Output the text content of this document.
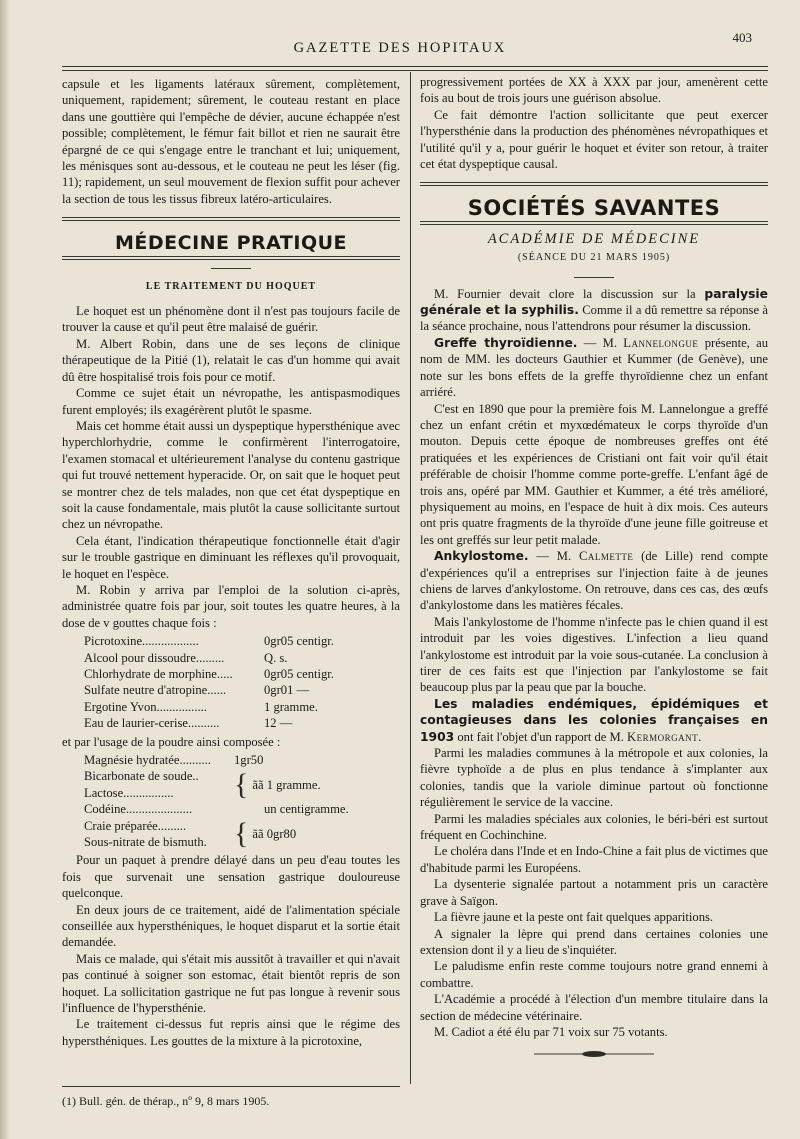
GAZETTE DES HOPITAUX
403

capsule et les ligaments latéraux sûrement, complètement, uniquement, rapidement; sûrement, le couteau restant en place dans une gouttière qui l'empêche de dévier, aucune échappée n'est possible; complètement, le fémur fait billot et rien ne saurait être épargné de ce qui s'engage entre le tranchant et lui; uniquement, les ménisques sont au-dessous, et le couteau ne peut les léser (fig. 11); rapidement, un seul mouvement de flexion suffit pour achever la section de tous les tissus fibreux latéro-articulaires.

MÉDECINE PRATIQUE
LE TRAITEMENT DU HOQUET

Le hoquet est un phénomène dont il n'est pas toujours facile de trouver la cause et qu'il peut être malaisé de guérir.

M. Albert Robin, dans une de ses leçons de clinique thérapeutique de la Pitié (1), relatait le cas d'un homme qui avait dû être hospitalisé trois fois pour ce motif.

Comme ce sujet était un névropathe, les antispasmodiques furent employés; ils exagérèrent plutôt le spasme.

Mais cet homme était aussi un dyspeptique hypersthénique avec hyperchlorhydrie, comme le confirmèrent l'interrogatoire, l'examen stomacal et ultérieurement l'analyse du contenu gastrique qui fut trouvé nettement hyperacide. Or, on sait que le hoquet peut se montrer chez de tels malades, non que cet état dyspeptique en soit la cause fondamentale, mais plutôt la cause sollicitante surtout chez un névropathe.

Cela étant, l'indication thérapeutique fonctionnelle était d'agir sur le trouble gastrique en diminuant les réflexes qu'il provoquait, le hoquet en l'espèce.

M. Robin y arriva par l'emploi de la solution ci-après, administrée quatre fois par jour, soit toutes les quatre heures, à la dose de v gouttes chaque fois :

Picrotoxine..................	0gr05 centigr.
Alcool pour dissoudre.........	Q. s.
Chlorhydrate de morphine.....	0gr05 centigr.
Sulfate neutre d'atropine......	0gr01 —
Ergotine Yvon................	1 gramme.
Eau de laurier-cerise..........	12 —

et par l'usage de la poudre ainsi composée :

Magnésie hydratée..........	1gr50
Bicarbonate de soude..
Lactose................	{ ãã 1 gramme.
Codéine.....................	un centigramme.
Craie préparée.........
Sous-nitrate de bismuth. { ãã 0gr80

Pour un paquet à prendre délayé dans un peu d'eau toutes les fois que survenait une sensation gastrique douloureuse quelconque.

En deux jours de ce traitement, aidé de l'alimentation spéciale conseillée aux hypersthéniques, le hoquet disparut et la sortie était demandée.

Mais ce malade, qui s'était mis aussitôt à travailler et qui n'avait pas continué à soigner son estomac, était bientôt repris de son hoquet. La sollicitation gastrique ne fut pas longue à revenir sous l'influence de l'hypersthénie.

Le traitement ci-dessus fut repris ainsi que le régime des hypersthéniques. Les gouttes de la mixture à la picrotoxine,

(1) Bull. gén. de thérap., nº 9, 8 mars 1905.

progressivement portées de XX à XXX par jour, amenèrent cette fois au bout de trois jours une guérison absolue.

Ce fait démontre l'action sollicitante que peut exercer l'hypersthénie dans la production des phénomènes névropathiques et l'utilité qu'il y a, pour guérir le hoquet et éviter son retour, à traiter cet état dyspeptique causal.

SOCIÉTÉS SAVANTES
ACADÉMIE DE MÉDECINE
(SÉANCE DU 21 MARS 1905)

M. Fournier devait clore la discussion sur la paralysie générale et la syphilis. Comme il a dû remettre sa réponse à la séance prochaine, nous l'attendrons pour résumer la discussion.

Greffe thyroïdienne. — M. Lannelongue présente, au nom de MM. les docteurs Gauthier et Kummer (de Genève), une note sur les bons effets de la greffe thyroïdienne chez un enfant arriéré.

C'est en 1890 que pour la première fois M. Lannelongue a greffé chez un enfant crétin et myxœdémateux le corps thyroïde d'un mouton. Depuis cette époque de nombreuses greffes ont été pratiquées et les expériences de Cristiani ont fait voir qu'il était préférable de choisir l'homme comme porte-greffe. L'enfant âgé de trois ans, opéré par MM. Gauthier et Kummer, a été très amélioré, physiquement au moins, en l'espace de huit à dix mois. Ces auteurs ont pris quatre fragments de la thyroïde d'une jeune fille goitreuse et les ont greffés sur leur petit malade.

Ankylostome. — M. Calmette (de Lille) rend compte d'expériences qu'il a entreprises sur l'injection faite à de jeunes chiens de larves d'ankylostome. On retrouve, dans ces cas, des œufs d'ankylostome dans les matières fécales.

Mais l'ankylostome de l'homme n'infecte pas le chien quand il est introduit par les voies digestives. L'infection a lieu quand l'ankylostome est introduit par la voie sous-cutanée. La conclusion à tirer de ces faits est que l'injection par l'ankylostome se fait beaucoup plus par la peau que par la bouche.

Les maladies endémiques, épidémiques et contagieuses dans les colonies françaises en 1903 ont fait l'objet d'un rapport de M. Kermorgant.

Parmi les maladies communes à la métropole et aux colonies, la fièvre typhoïde a de plus en plus tendance à s'implanter aux colonies, tandis que la variole diminue partout où fonctionne régulièrement le service de la vaccine.

Parmi les maladies spéciales aux colonies, le béri-béri est surtout fréquent en Cochinchine.

Le choléra dans l'Inde et en Indo-Chine a fait plus de victimes que d'habitude parmi les Européens.

La dysenterie signalée partout a notamment pris un caractère grave à Saïgon.

La fièvre jaune et la peste ont fait quelques apparitions.

A signaler la lèpre qui prend dans certaines colonies une extension dont il y a lieu de s'inquiéter.

Le paludisme enfin reste comme toujours notre grand ennemi à combattre.

L'Académie a procédé à l'élection d'un membre titulaire dans la section de médecine vétérinaire.

M. Cadiot a été élu par 71 voix sur 75 votants.
